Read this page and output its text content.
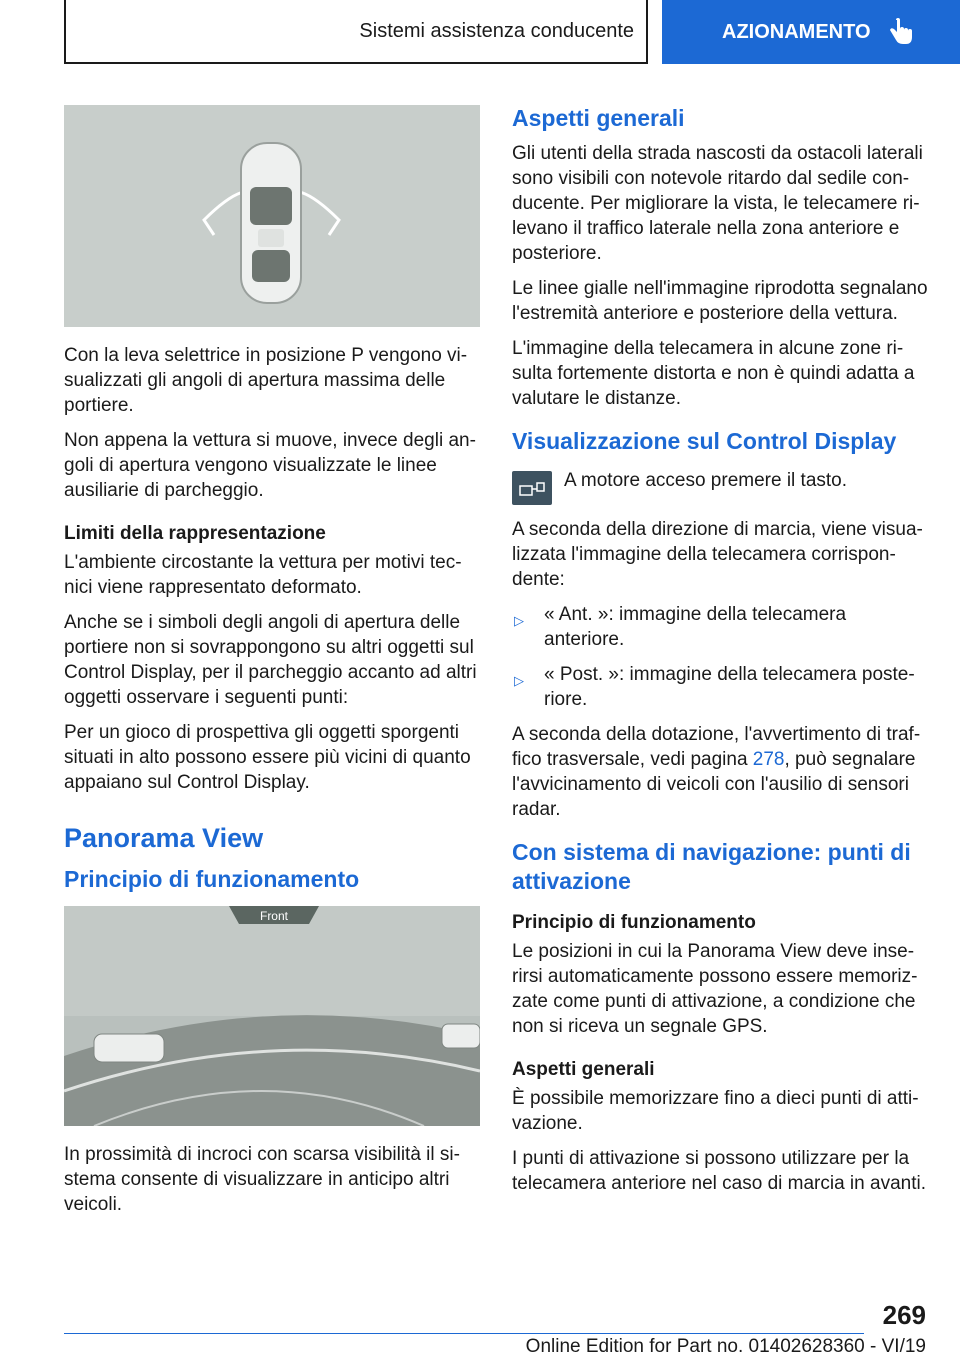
Sistemi assistenza conducente	AZIONAMENTO

Con la leva selettrice in posizione P vengono visualizzati gli angoli di apertura massima delle portiere.

Non appena la vettura si muove, invece degli angoli di apertura vengono visualizzate le linee ausiliarie di parcheggio.

Limiti della rappresentazione

L'ambiente circostante la vettura per motivi tecnici viene rappresentato deformato.

Anche se i simboli degli angoli di apertura delle portiere non si sovrappongono su altri oggetti sul Control Display, per il parcheggio accanto ad altri oggetti osservare i seguenti punti:

Per un gioco di prospettiva gli oggetti sporgenti situati in alto possono essere più vicini di quanto appaiano sul Control Display.

Panorama View
Principio di funzionamento
Front

In prossimità di incroci con scarsa visibilità il sistema consente di visualizzare in anticipo altri veicoli.

Aspetti generali

Gli utenti della strada nascosti da ostacoli laterali sono visibili con notevole ritardo dal sedile conducente. Per migliorare la vista, le telecamere rilevano il traffico laterale nella zona anteriore e posteriore.

Le linee gialle nell'immagine riprodotta segnalano l'estremità anteriore e posteriore della vettura.

L'immagine della telecamera in alcune zone risulta fortemente distorta e non è quindi adatta a valutare le distanze.

Visualizzazione sul Control Display

A motore acceso premere il tasto.

A seconda della direzione di marcia, viene visualizzata l'immagine della telecamera corrispondente:

▷ « Ant. »: immagine della telecamera anteriore.
▷ « Post. »: immagine della telecamera posteriore.

A seconda della dotazione, l'avvertimento di traffico trasversale, vedi pagina 278, può segnalare l'avvicinamento di veicoli con l'ausilio di sensori radar.

Con sistema di navigazione: punti di attivazione
Principio di funzionamento

Le posizioni in cui la Panorama View deve inserirsi automaticamente possono essere memorizzate come punti di attivazione, a condizione che non si riceva un segnale GPS.

Aspetti generali

È possibile memorizzare fino a dieci punti di attivazione.

I punti di attivazione si possono utilizzare per la telecamera anteriore nel caso di marcia in avanti.

269
Online Edition for Part no. 01402628360 - VI/19
